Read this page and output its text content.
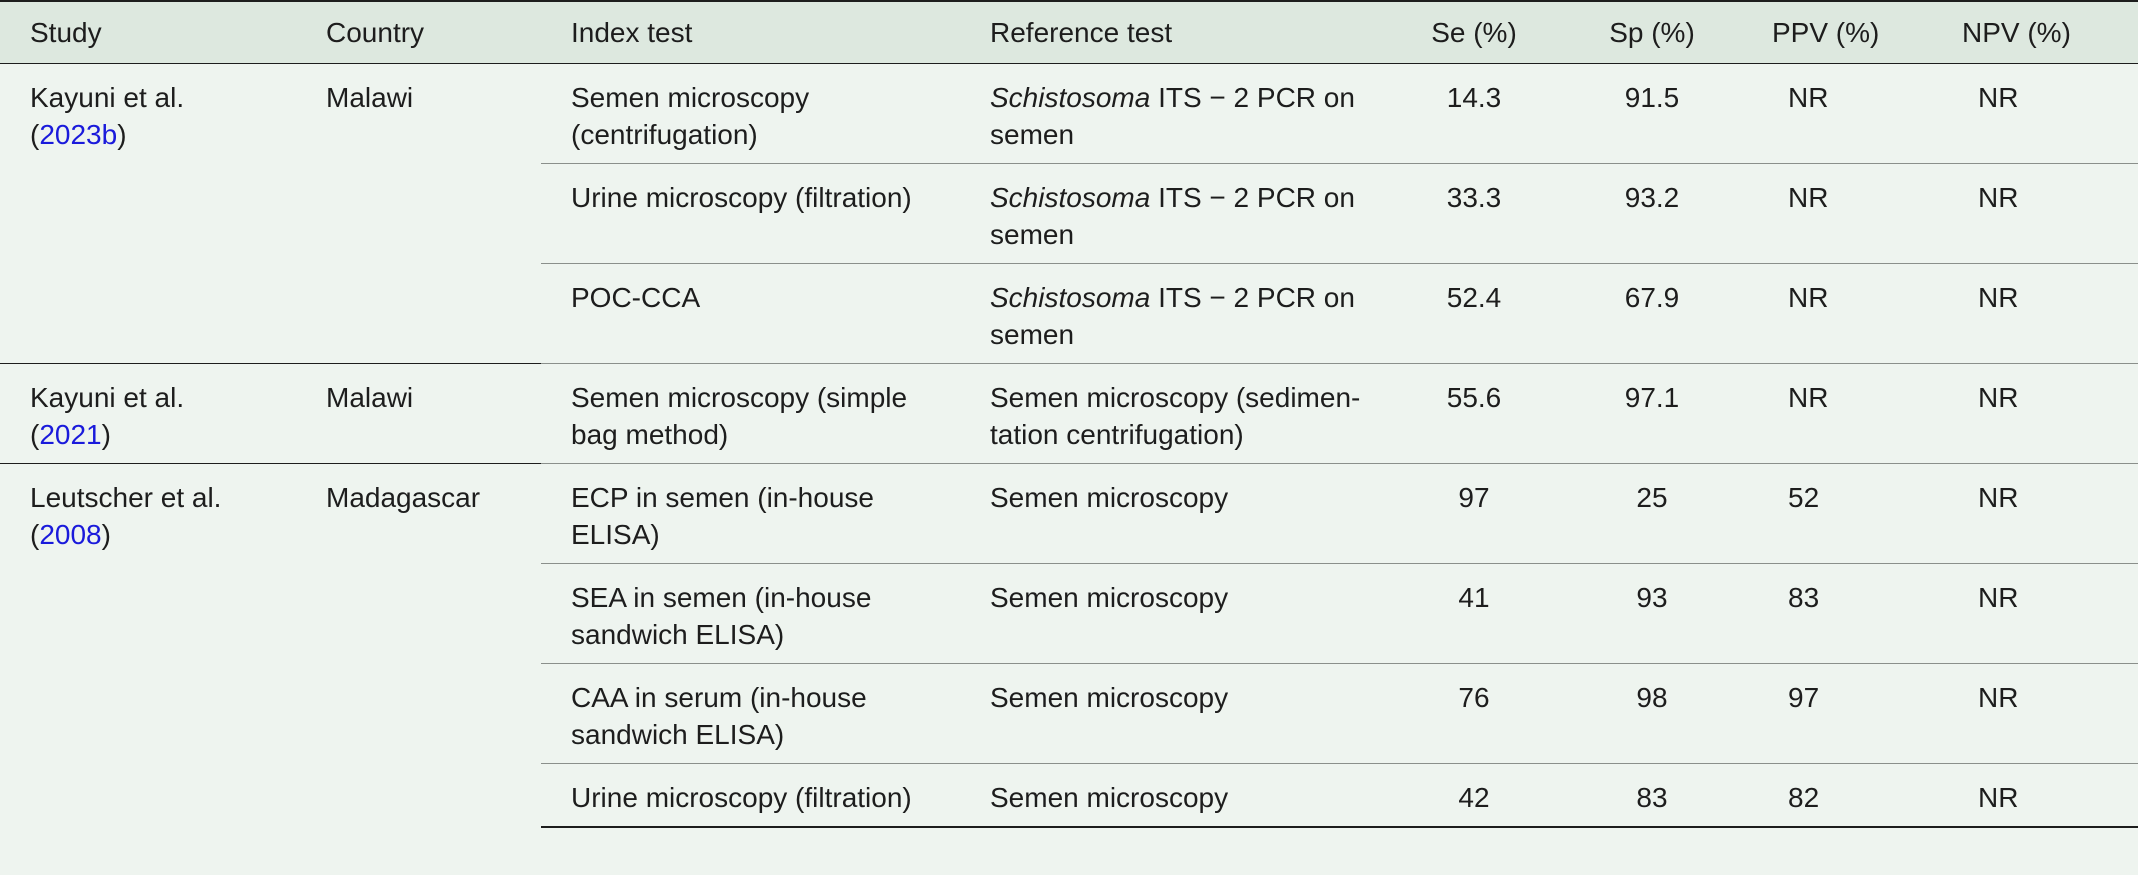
Study	Country	Index test	Reference test	Se (%)	Sp (%)	PPV (%)	NPV (%)
Kayuni et al.
(2023b)	Malawi	Semen microscopy (centrifugation)	Schistosoma ITS − 2 PCR on semen	14.3	91.5	NR	NR
		Urine microscopy (filtration)	Schistosoma ITS − 2 PCR on semen	33.3	93.2	NR	NR
		POC-CCA	Schistosoma ITS − 2 PCR on semen	52.4	67.9	NR	NR
Kayuni et al.
(2021)	Malawi	Semen microscopy (simple bag method)	Semen microscopy (sedimen-tation centrifugation)	55.6	97.1	NR	NR
Leutscher et al.
(2008)	Madagascar	ECP in semen (in-house ELISA)	Semen microscopy	97	25	52	NR
		SEA in semen (in-house sandwich ELISA)	Semen microscopy	41	93	83	NR
		CAA in serum (in-house sandwich ELISA)	Semen microscopy	76	98	97	NR
		Urine microscopy (filtration)	Semen microscopy	42	83	82	NR
